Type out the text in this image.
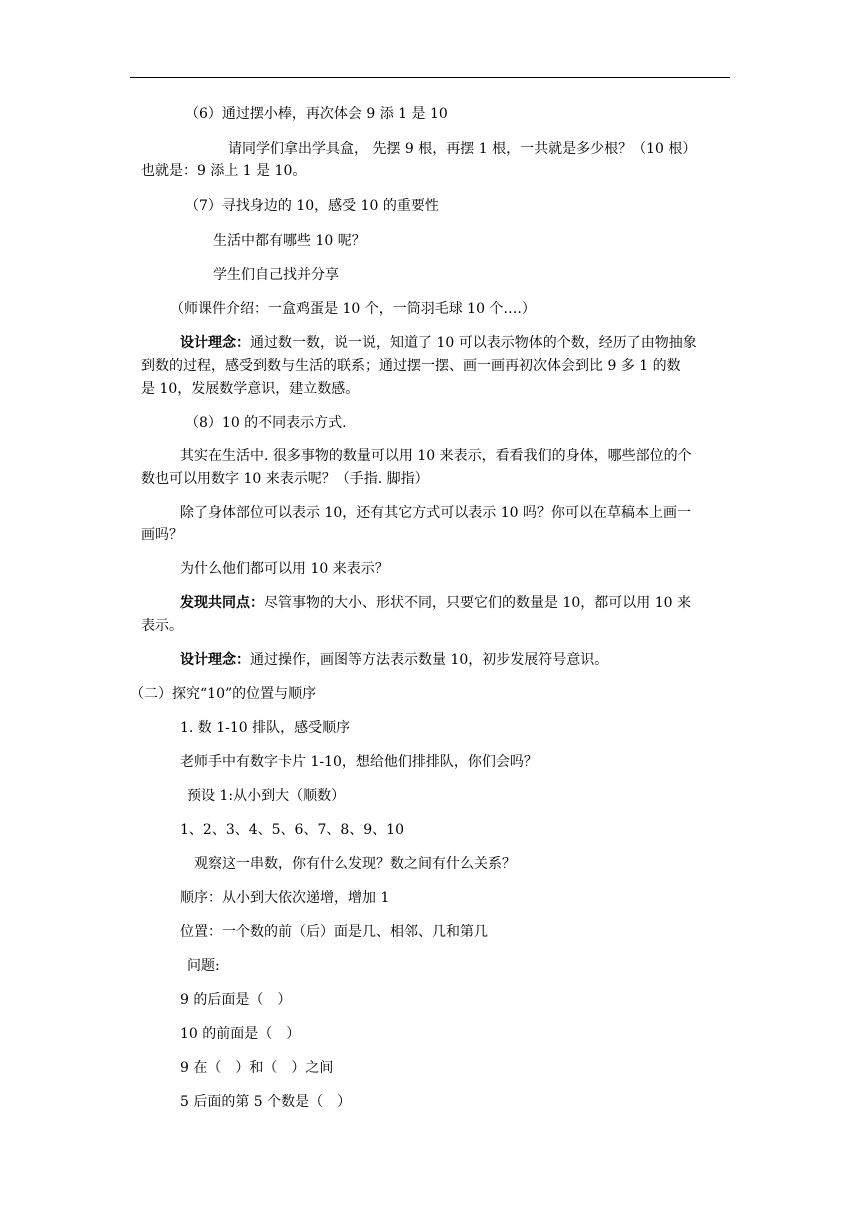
（6）通过摆小棒，再次体会 9 添 1 是 10
请同学们拿出学具盒， 先摆 9 根，再摆 1 根，一共就是多少根？（10 根）
也就是：9 添上 1 是 10。
（7）寻找身边的 10，感受 10 的重要性
生活中都有哪些 10 呢？
学生们自己找并分享
（师课件介绍：一盒鸡蛋是 10 个，一筒羽毛球 10 个….）
设计理念：通过数一数，说一说，知道了 10 可以表示物体的个数，经历了由物抽象
到数的过程，感受到数与生活的联系；通过摆一摆、画一画再初次体会到比 9 多 1 的数
是 10，发展数学意识，建立数感。
（8）10 的不同表示方式.
其实在生活中. 很多事物的数量可以用 10 来表示，看看我们的身体，哪些部位的个
数也可以用数字 10 来表示呢？（手指. 脚指）
除了身体部位可以表示 10，还有其它方式可以表示 10 吗？你可以在草稿本上画一
画吗？
为什么他们都可以用 10 来表示？
发现共同点：尽管事物的大小、形状不同，只要它们的数量是 10，都可以用 10 来
表示。
设计理念：通过操作，画图等方法表示数量 10，初步发展符号意识。
（二）探究“10”的位置与顺序
1. 数 1-10 排队，感受顺序
老师手中有数字卡片 1-10，想给他们排排队，你们会吗？
预设 1:从小到大（顺数）
1、2、3、4、5、6、7、8、9、10
观察这一串数，你有什么发现？数之间有什么关系？
顺序：从小到大依次递增，增加 1
位置：一个数的前（后）面是几、相邻、几和第几
问题:
9 的后面是（　）
10 的前面是（　）
9 在（　）和（　）之间
5 后面的第 5 个数是（　）
